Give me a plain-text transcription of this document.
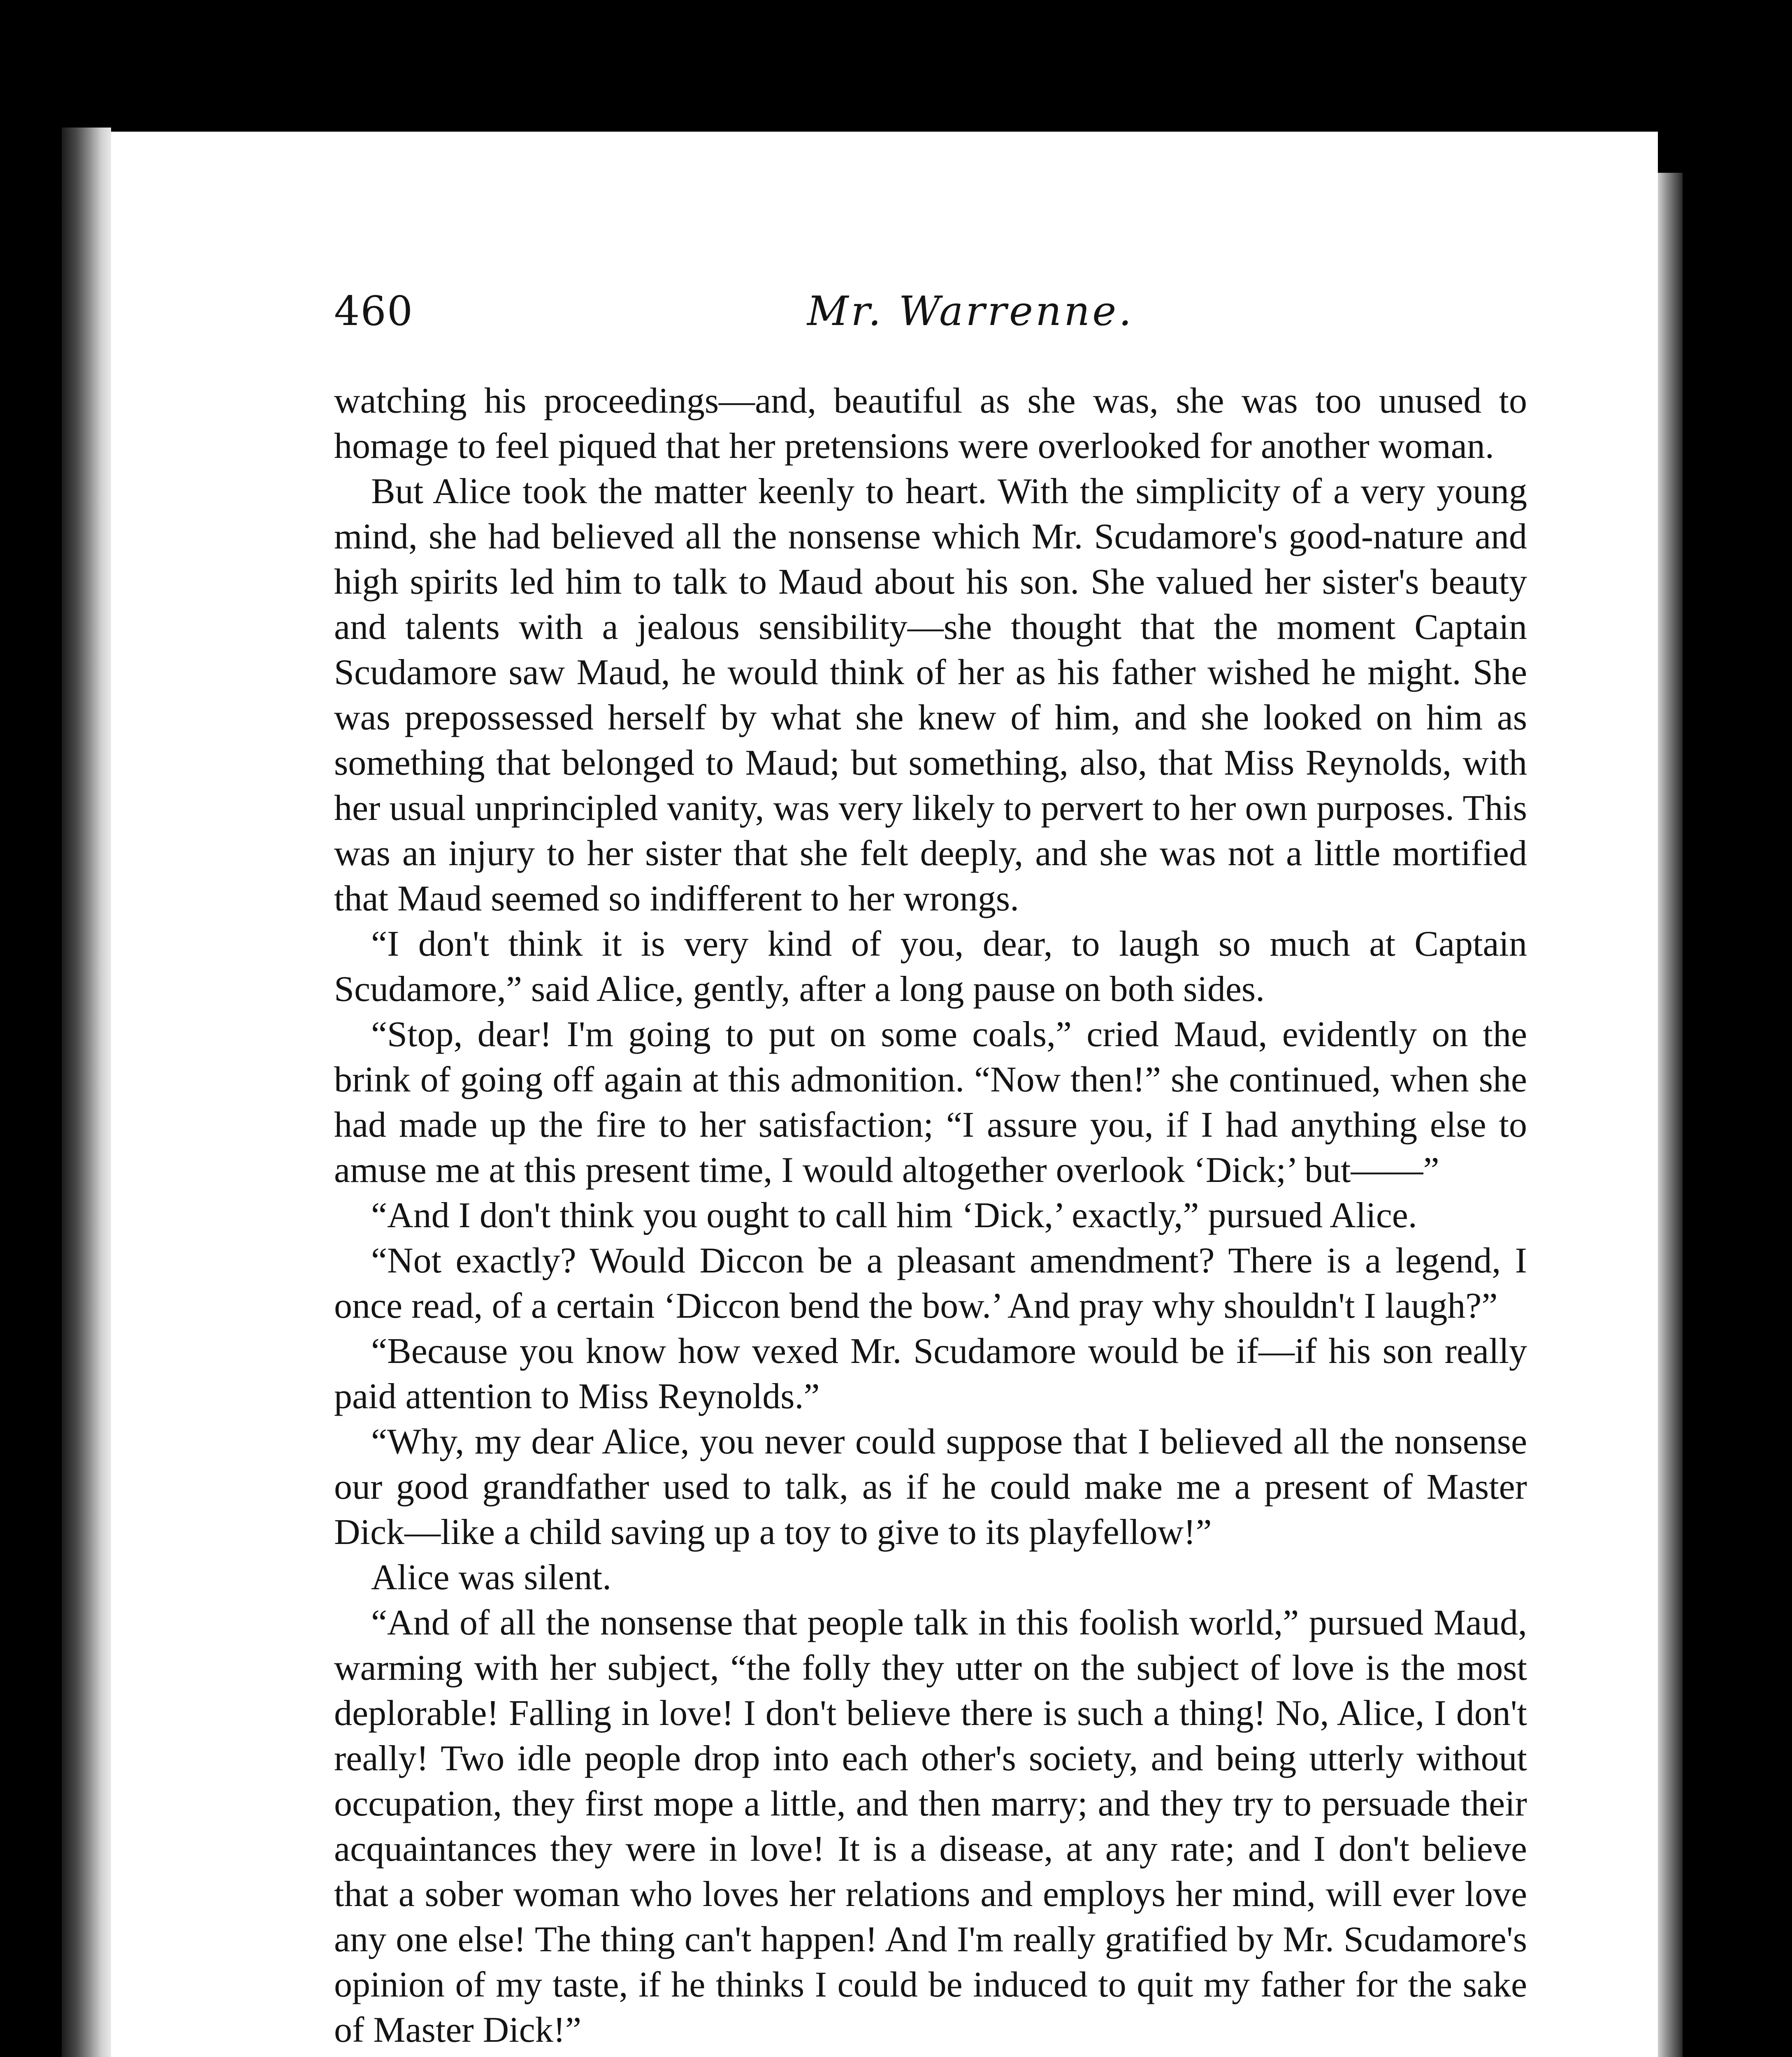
460	Mr. Warrenne.

watching his proceedings—and, beautiful as she was, she was too unused to homage to feel piqued that her pretensions were overlooked for another woman.

But Alice took the matter keenly to heart. With the simplicity of a very young mind, she had believed all the nonsense which Mr. Scudamore's good-nature and high spirits led him to talk to Maud about his son. She valued her sister's beauty and talents with a jealous sensibility—she thought that the moment Captain Scudamore saw Maud, he would think of her as his father wished he might. She was prepossessed herself by what she knew of him, and she looked on him as something that belonged to Maud; but something, also, that Miss Reynolds, with her usual unprincipled vanity, was very likely to pervert to her own purposes. This was an injury to her sister that she felt deeply, and she was not a little mortified that Maud seemed so indifferent to her wrongs.

“I don't think it is very kind of you, dear, to laugh so much at Captain Scudamore,” said Alice, gently, after a long pause on both sides.

“Stop, dear! I'm going to put on some coals,” cried Maud, evidently on the brink of going off again at this admonition. “Now then!” she continued, when she had made up the fire to her satisfaction; “I assure you, if I had anything else to amuse me at this present time, I would altogether overlook ‘Dick;’ but——”

“And I don't think you ought to call him ‘Dick,’ exactly,” pursued Alice.

“Not exactly? Would Diccon be a pleasant amendment? There is a legend, I once read, of a certain ‘Diccon bend the bow.’ And pray why shouldn't I laugh?”

“Because you know how vexed Mr. Scudamore would be if—if his son really paid attention to Miss Reynolds.”

“Why, my dear Alice, you never could suppose that I believed all the nonsense our good grandfather used to talk, as if he could make me a present of Master Dick—like a child saving up a toy to give to its playfellow!”

Alice was silent.

“And of all the nonsense that people talk in this foolish world,” pursued Maud, warming with her subject, “the folly they utter on the subject of love is the most deplorable! Falling in love! I don't believe there is such a thing! No, Alice, I don't really! Two idle people drop into each other's society, and being utterly without occupation, they first mope a little, and then marry; and they try to persuade their acquaintances they were in love! It is a disease, at any rate; and I don't believe that a sober woman who loves her relations and employs her mind, will ever love any one else! The thing can't happen! And I'm really gratified by Mr. Scudamore's opinion of my taste, if he thinks I could be induced to quit my father for the sake of Master Dick!”
